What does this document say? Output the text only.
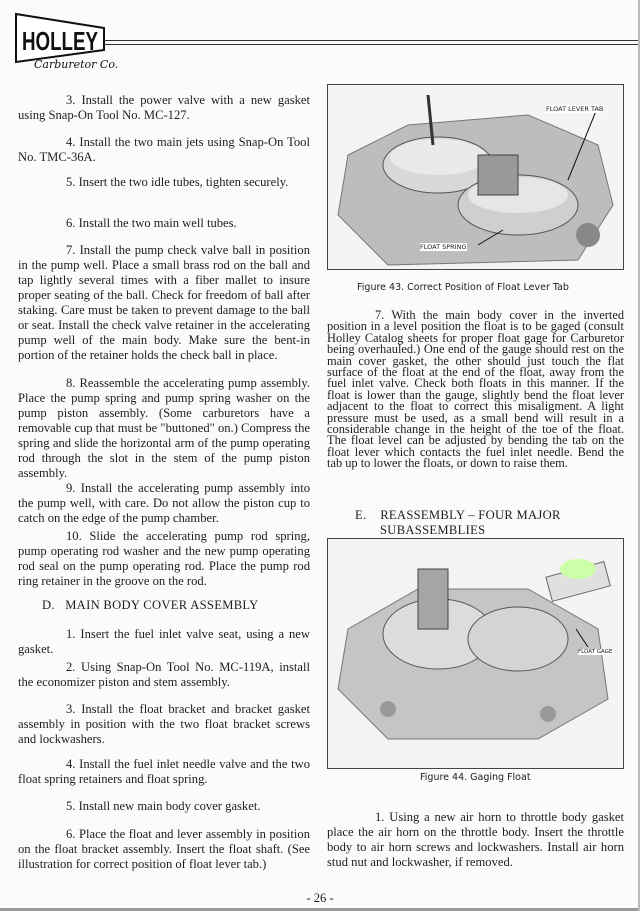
HOLLEY
Carburetor Co.

3. Install the power valve with a new gasket using Snap-On Tool No. MC-127.

4. Install the two main jets using Snap-On Tool No. TMC-36A.

5. Insert the two idle tubes, tighten securely.

6. Install the two main well tubes.

7. Install the pump check valve ball in position in the pump well. Place a small brass rod on the ball and tap lightly several times with a fiber mallet to insure proper seating of the ball. Check for freedom of ball after staking. Care must be taken to prevent damage to the ball or seat. Install the check valve retainer in the accelerating pump well of the main body. Make sure the bent-in portion of the retainer holds the check ball in place.

8. Reassemble the accelerating pump assembly. Place the pump spring and pump spring washer on the pump piston assembly. (Some carburetors have a removable cup that must be "buttoned" on.) Compress the spring and slide the horizontal arm of the pump operating rod through the slot in the stem of the pump piston assembly.

9. Install the accelerating pump assembly into the pump well, with care. Do not allow the piston cup to catch on the edge of the pump chamber.

10. Slide the accelerating pump rod spring, pump operating rod washer and the new pump operating rod seal on the pump operating rod. Place the pump rod ring retainer in the groove on the rod.

D.   MAIN BODY COVER ASSEMBLY

1. Insert the fuel inlet valve seat, using a new gasket.

2. Using Snap-On Tool No. MC-119A, install the economizer piston and stem assembly.

3. Install the float bracket and bracket gasket assembly in position with the two float bracket screws and lockwashers.

4. Install the fuel inlet needle valve and the two float spring retainers and float spring.

5. Install new main body cover gasket.

6. Place the float and lever assembly in position on the float bracket assembly. Insert the float shaft. (See illustration for correct position of float lever tab.)

FLOAT LEVER TAB
FLOAT SPRING
Figure 43. Correct Position of Float Lever Tab

7. With the main body cover in the inverted position in a level position the float is to be gaged (consult Holley Catalog sheets for proper float gage for Carburetor being overhauled.) One end of the gauge should rest on the main cover gasket, the other should just touch the flat surface of the float at the end of the float, away from the fuel inlet valve. Check both floats in this manner. If the float is lower than the gauge, slightly bend the float lever adjacent to the float to correct this misaligment. A light pressure must be used, as a small bend will result in a considerable change in the height of the toe of the float. The float level can be adjusted by bending the tab on the float lever which contacts the fuel inlet needle. Bend the tab up to lower the floats, or down to raise them.

E.    REASSEMBLY – FOUR MAJOR
SUBASSEMBLIES
FLOAT GAGE
Figure 44. Gaging Float

1. Using a new air horn to throttle body gasket place the air horn on the throttle body. Insert the throttle body to air horn screws and lockwashers. Install air horn stud nut and lockwasher, if removed.

- 26 -
